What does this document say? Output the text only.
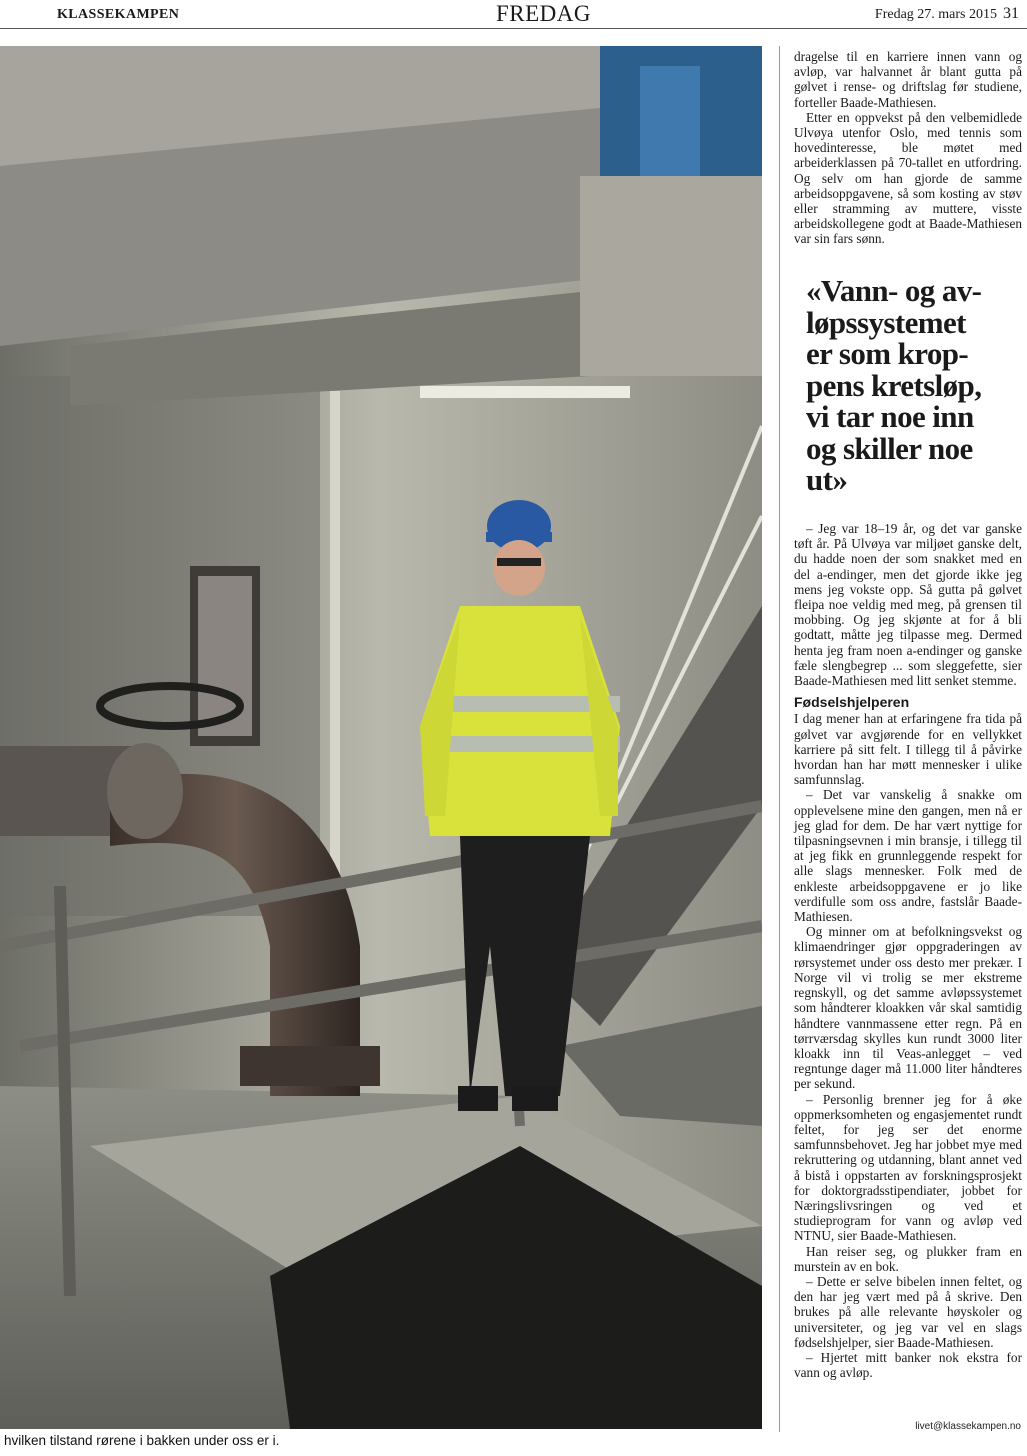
KLASSEKAMPEN	FREDAG	Fredag 27. mars 2015 31
hvilken tilstand rørene i bakken under oss er i.

dragelse til en karriere innen vann og avløp, var halvannet år blant gutta på gølvet i rense- og driftslag før studiene, forteller Baade-Mathiesen.

Etter en oppvekst på den velbemidlede Ulvøya utenfor Oslo, med tennis som hovedinteresse, ble møtet med arbeiderklassen på 70-tallet en utfordring. Og selv om han gjorde de samme arbeidsoppgavene, så som kosting av støv eller stramming av muttere, visste arbeidskollegene godt at Baade-Mathiesen var sin fars sønn.

«Vann- og av-
løpssystemet
er som krop-
pens kretsløp,
vi tar noe inn
og skiller noe
ut»

– Jeg var 18–19 år, og det var ganske tøft år. På Ulvøya var miljøet ganske delt, du hadde noen der som snakket med en del a-endinger, men det gjorde ikke jeg mens jeg vokste opp. Så gutta på gølvet fleipa noe veldig med meg, på grensen til mobbing. Og jeg skjønte at for å bli godtatt, måtte jeg tilpasse meg. Dermed henta jeg fram noen a-endinger og ganske fæle slengbegrep ... som sleggefette, sier Baade-Mathiesen med litt senket stemme.

Fødselshjelperen

I dag mener han at erfaringene fra tida på gølvet var avgjørende for en vellykket karriere på sitt felt. I tillegg til å påvirke hvordan han har møtt mennesker i ulike samfunnslag.

– Det var vanskelig å snakke om opplevelsene mine den gangen, men nå er jeg glad for dem. De har vært nyttige for tilpasningsevnen i min bransje, i tillegg til at jeg fikk en grunnleggende respekt for alle slags mennesker. Folk med de enkleste arbeidsoppgavene er jo like verdifulle som oss andre, fastslår Baade-Mathiesen.

Og minner om at befolkningsvekst og klimaendringer gjør oppgraderingen av rørsystemet under oss desto mer prekær. I Norge vil vi trolig se mer ekstreme regnskyll, og det samme avløpssystemet som håndterer kloakken vår skal samtidig håndtere vannmassene etter regn. På en tørrværsdag skylles kun rundt 3000 liter kloakk inn til Veas-anlegget – ved regntunge dager må 11.000 liter håndteres per sekund.

– Personlig brenner jeg for å øke oppmerksomheten og engasjementet rundt feltet, for jeg ser det enorme samfunnsbehovet. Jeg har jobbet mye med rekruttering og utdanning, blant annet ved å bistå i oppstarten av forskningsprosjekt for doktorgradsstipendiater, jobbet for Næringslivsringen og ved et studieprogram for vann og avløp ved NTNU, sier Baade-Mathiesen.

Han reiser seg, og plukker fram en murstein av en bok.

– Dette er selve bibelen innen feltet, og den har jeg vært med på å skrive. Den brukes på alle relevante høyskoler og universiteter, og jeg var vel en slags fødselshjelper, sier Baade-Mathiesen.

– Hjertet mitt banker nok ekstra for vann og avløp.

livet@klassekampen.no
